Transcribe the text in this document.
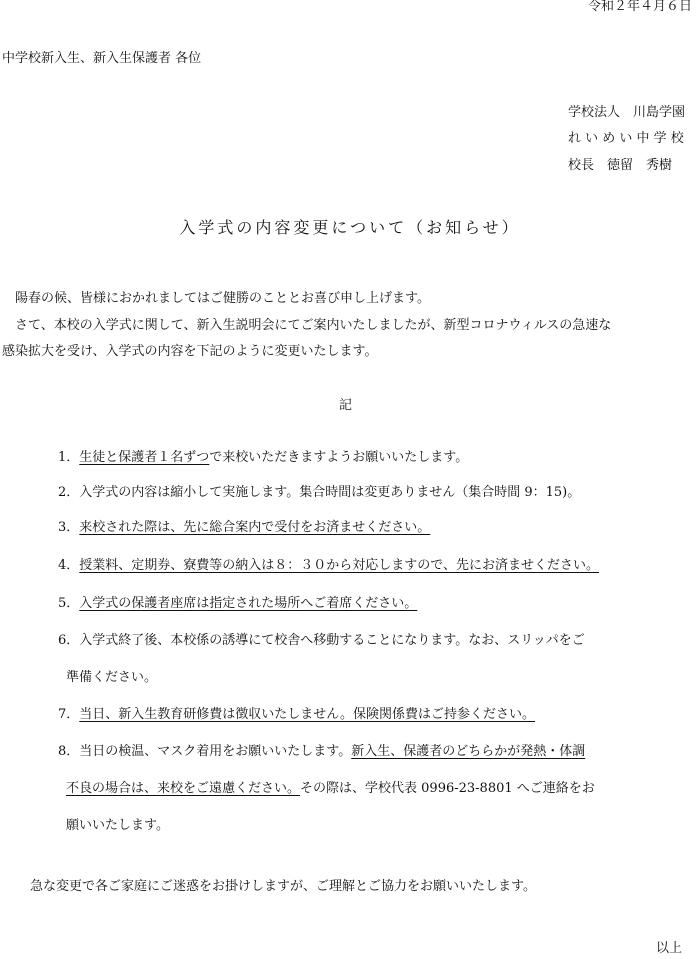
令和２年４月６日
中学校新入生、新入生保護者 各位
学校法人　川島学園
れ い め い 中 学 校
校長　徳留　秀樹
入学式の内容変更について（お知らせ）
陽春の候、皆様におかれましてはご健勝のこととお喜び申し上げます。
さて、本校の入学式に関して、新入生説明会にてご案内いたしましたが、新型コロナウィルスの急速な
感染拡大を受け、入学式の内容を下記のように変更いたします。
記
1．生徒と保護者１名ずつで来校いただきますようお願いいたします。
2．入学式の内容は縮小して実施します。集合時間は変更ありません（集合時間 9：15)。
3．来校された際は、先に総合案内で受付をお済ませください。
4．授業料、定期券、寮費等の納入は８：３０から対応しますので、先にお済ませください。
5．入学式の保護者座席は指定された場所へご着席ください。
6．入学式終了後、本校係の誘導にて校舎へ移動することになります。なお、スリッパをご
準備ください。
7．当日、新入生教育研修費は徴収いたしません。保険関係費はご持参ください。
8．当日の検温、マスク着用をお願いいたします。新入生、保護者のどちらかが発熱・体調
不良の場合は、来校をご遠慮ください。その際は、学校代表 0996-23-8801 へご連絡をお
願いいたします。
急な変更で各ご家庭にご迷惑をお掛けしますが、ご理解とご協力をお願いいたします。
以上
